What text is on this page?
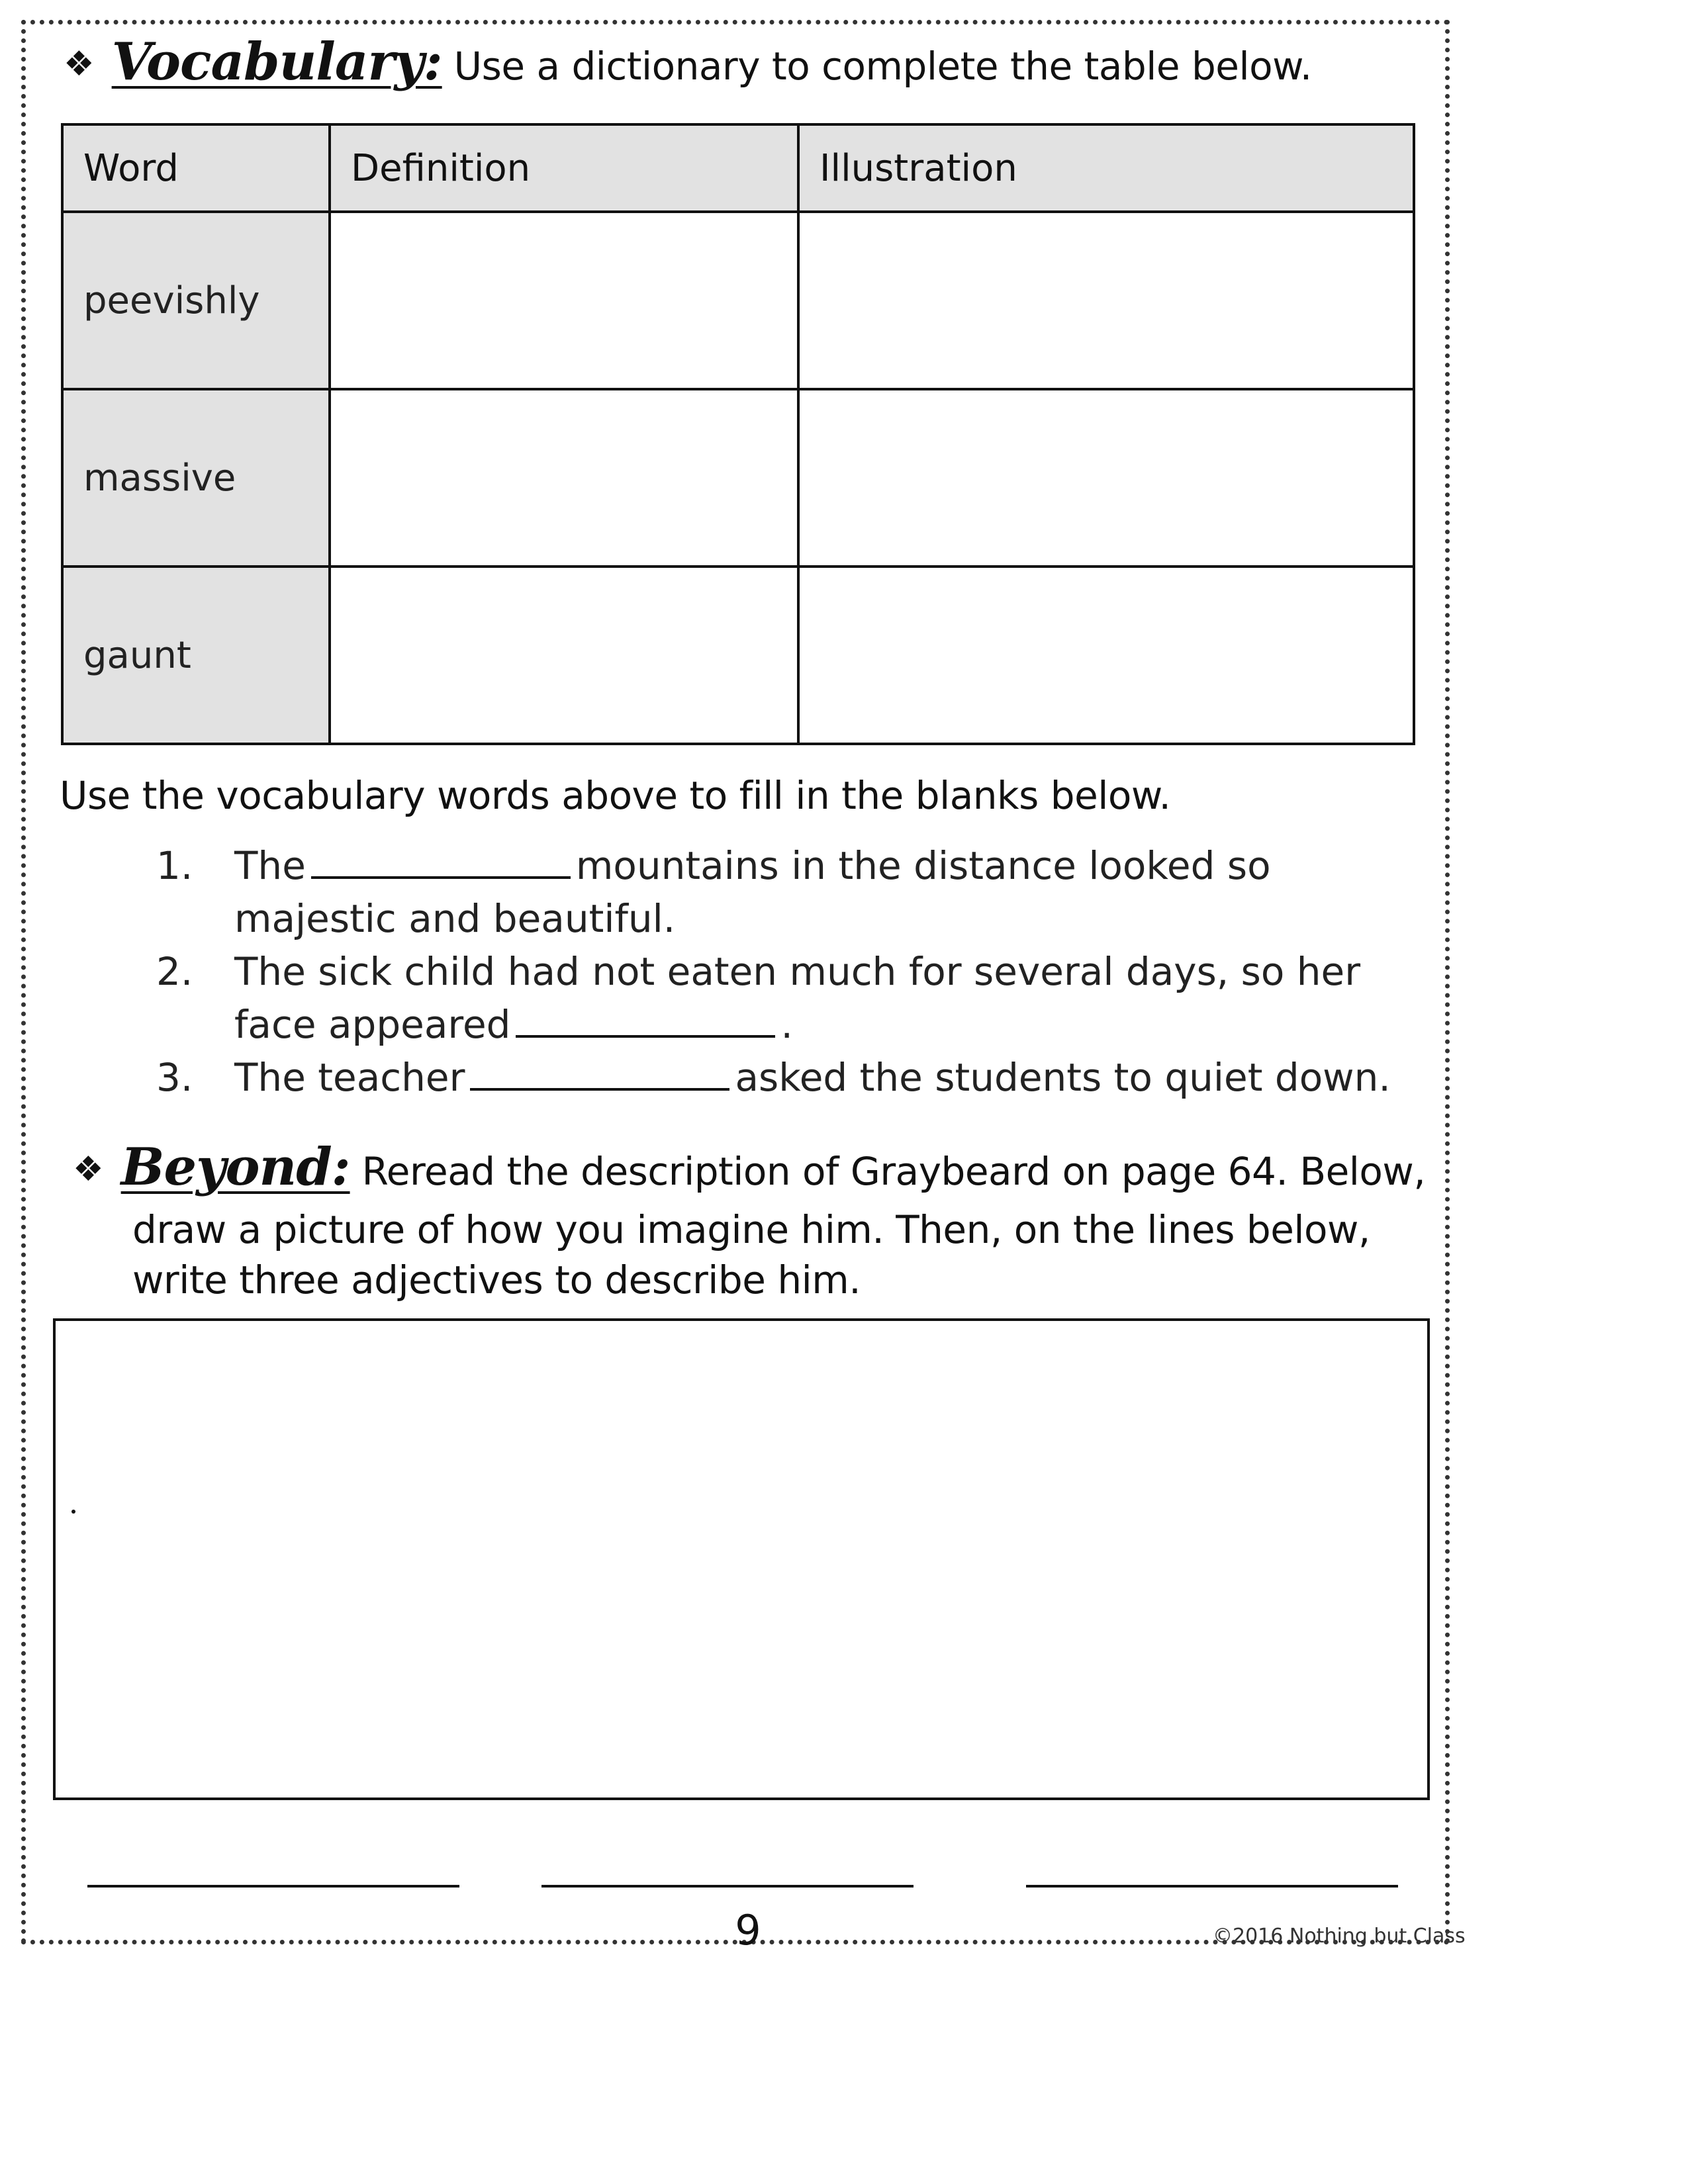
❖ Vocabulary: Use a dictionary to complete the table below.
Word	Definition	Illustration
peevishly		
massive		
gaunt		
Use the vocabulary words above to fill in the blanks below.
1.	The	mountains in the distance looked so majestic and beautiful.
2.	The sick child had not eaten much for several days, so her face appeared	.
3.	The teacher	asked the students to quiet down.
❖ Beyond: Reread the description of Graybeard on page 64. Below,
draw a picture of how you imagine him. Then, on the lines below,
write three adjectives to describe him.
9	©2016 Nothing but Class
